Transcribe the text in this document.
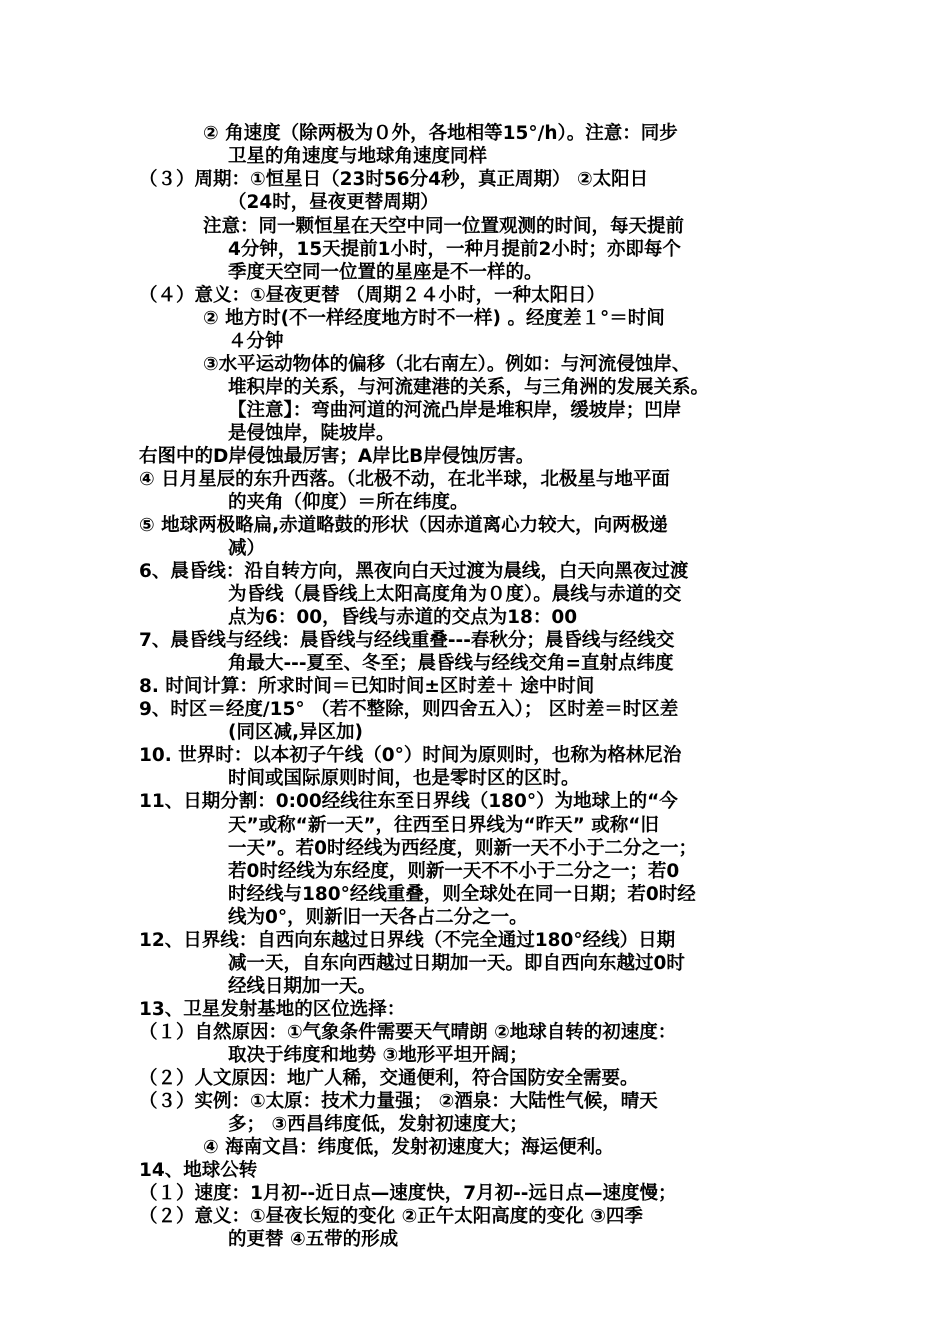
② 角速度（除两极为０外，各地相等15°/h）。注意：同步
卫星的角速度与地球角速度同样
（３）周期：①恒星日（23时56分4秒，真正周期） ②太阳日
（24时，昼夜更替周期）
注意：同一颗恒星在天空中同一位置观测的时间，每天提前
4分钟，15天提前1小时，一种月提前2小时；亦即每个
季度天空同一位置的星座是不一样的。
（４）意义：①昼夜更替 （周期２４小时，一种太阳日）
② 地方时(不一样经度地方时不一样) 。经度差１°＝时间
４分钟
③水平运动物体的偏移（北右南左）。例如：与河流侵蚀岸、
堆积岸的关系，与河流建港的关系，与三角洲的发展关系。
【注意】：弯曲河道的河流凸岸是堆积岸，缓坡岸；凹岸
是侵蚀岸，陡坡岸。
右图中的D岸侵蚀最厉害；A岸比B岸侵蚀厉害。
④ 日月星辰的东升西落。（北极不动，在北半球，北极星与地平面
的夹角（仰度）＝所在纬度。
⑤ 地球两极略扁,赤道略鼓的形状（因赤道离心力较大，向两极递
减）
6、晨昏线：沿自转方向，黑夜向白天过渡为晨线，白天向黑夜过渡
为昏线（晨昏线上太阳高度角为０度）。晨线与赤道的交
点为6：00，昏线与赤道的交点为18：00
7、晨昏线与经线：晨昏线与经线重叠---春秋分；晨昏线与经线交
角最大---夏至、冬至；晨昏线与经线交角=直射点纬度
8. 时间计算：所求时间＝已知时间±区时差＋ 途中时间
9、时区＝经度/15° （若不整除，则四舍五入）； 区时差＝时区差
(同区减,异区加)
10. 世界时：以本初子午线（0°）时间为原则时，也称为格林尼治
时间或国际原则时间，也是零时区的区时。
11、日期分割：0:00经线往东至日界线（180°）为地球上的“今
天”或称“新一天”，往西至日界线为“昨天” 或称“旧
一天”。若0时经线为西经度，则新一天不小于二分之一；
若0时经线为东经度，则新一天不不小于二分之一；若0
时经线与180°经线重叠，则全球处在同一日期；若0时经
线为0°，则新旧一天各占二分之一。
12、日界线：自西向东越过日界线（不完全通过180°经线）日期
减一天，自东向西越过日期加一天。即自西向东越过0时
经线日期加一天。
13、卫星发射基地的区位选择：
（１）自然原因：①气象条件需要天气晴朗 ②地球自转的初速度：
取决于纬度和地势 ③地形平坦开阔；
（２）人文原因：地广人稀，交通便利，符合国防安全需要。
（３）实例：①太原：技术力量强； ②酒泉：大陆性气候，晴天
多； ③西昌纬度低，发射初速度大；
④ 海南文昌：纬度低，发射初速度大；海运便利。
14、地球公转
（１）速度：1月初--近日点—速度快，7月初--远日点—速度慢；
（２）意义：①昼夜长短的变化 ②正午太阳高度的变化 ③四季
的更替 ④五带的形成
